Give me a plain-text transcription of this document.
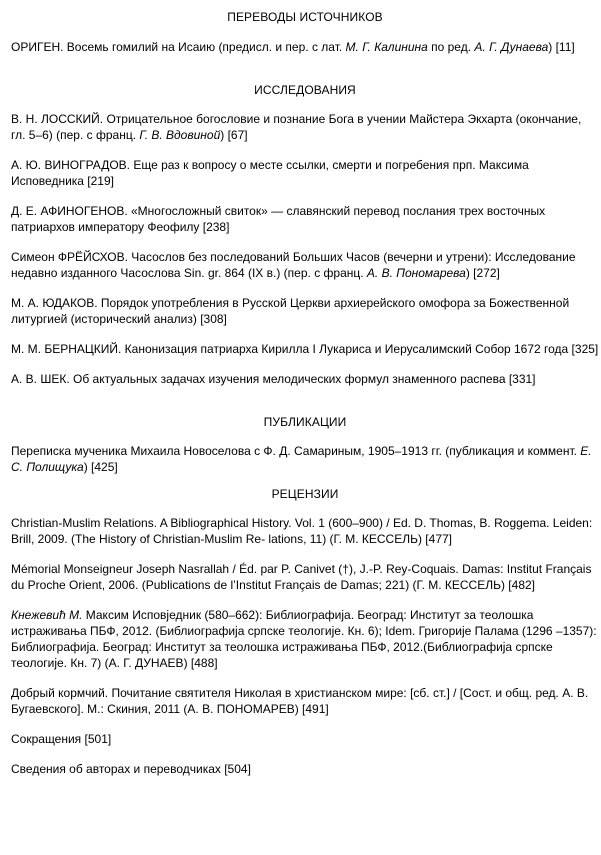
ПЕРЕВОДЫ ИСТОЧНИКОВ
ОРИГЕН. Восемь гомилий на Исаию (предисл. и пер. с лат. М. Г. Калинина по ред. А. Г. Дунаева) [11]
ИССЛЕДОВАНИЯ
В. Н. ЛОССКИЙ. Отрицательное богословие и познание Бога в учении Майстера Экхарта (окончание, гл. 5–6) (пер. с франц. Г. В. Вдовиной) [67]
А. Ю. ВИНОГРАДОВ. Еще раз к вопросу о месте ссылки, смерти и погребения прп. Максима Исповедника [219]
Д. Е. АФИНОГЕНОВ. «Многосложный свиток» — славянский перевод послания трех восточных патриархов императору Феофилу [238]
Симеон ФРЁЙСХОВ. Часослов без последований Больших Часов (вечерни и утрени): Исследование недавно изданного Часослова Sin. gr. 864 (IX в.) (пер. с франц. А. В. Пономарева) [272]
М. А. ЮДАКОВ. Порядок употребления в Русской Церкви архиерейского омофора за Божественной литургией (исторический анализ) [308]
М. М. БЕРНАЦКИЙ. Канонизация патриарха Кирилла I Лукариса и Иерусалимский Собор 1672 года [325]
А. В. ШЕК. Об актуальных задачах изучения мелодических формул знаменного распева [331]
ПУБЛИКАЦИИ
Переписка мученика Михаила Новоселова с Ф. Д. Самариным, 1905–1913 гг. (публикация и коммент. Е. С. Полищука) [425]
РЕЦЕНЗИИ
Christian-Muslim Relations. A Bibliographical History. Vol. 1 (600–900) / Ed. D. Thomas, B. Roggema. Leiden: Brill, 2009. (The History of Christian-Muslim Re- lations, 11) (Г. М. КЕССЕЛЬ) [477]
Mémorial Monseigneur Joseph Nasrallah / Éd. par P. Canivet (†), J.-P. Rey-Coquais. Damas: Institut Français du Proche Orient, 2006. (Publications de l’Institut Français de Damas; 221) (Г. М. КЕССЕЛЬ) [482]
Кнежевић М. Максим Исповједник (580–662): Библиографија. Београд: Институт за теолошка истраживања ПБФ, 2012. (Библиографија српске теологије. Кн. 6); Idem. Григорије Палама (1296 –1357): Библиографија. Београд: Институт за теолошка истраживања ПБФ, 2012.(Библиографија српске теологије. Кн. 7) (А. Г. ДУНАЕВ) [488]
Добрый кормчий. Почитание святителя Николая в христианском мире: [сб. ст.] / [Сост. и общ. ред. А. В. Бугаевского]. М.: Скиния, 2011 (А. В. ПОНОМАРЕВ) [491]
Сокращения [501]
Сведения об авторах и переводчиках [504]
